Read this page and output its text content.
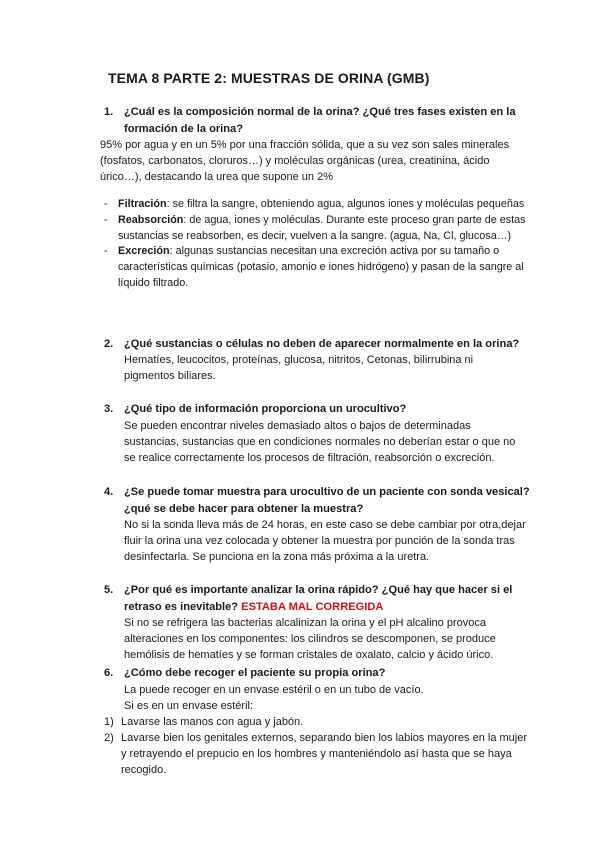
TEMA 8 PARTE 2: MUESTRAS DE ORINA (GMB)
1. ¿Cuál es la composición normal de la orina? ¿Qué tres fases existen en la formación de la orina?
95% por agua y en un 5% por una fracción sólida, que a su vez son sales minerales (fosfatos, carbonatos, cloruros…) y moléculas orgánicas (urea, creatinina, ácido úrico…), destacando la urea que supone un 2%
- Filtración: se filtra la sangre, obteniendo agua, algunos iones y moléculas pequeñas
- Reabsorción: de agua, iones y moléculas. Durante este proceso gran parte de estas sustancias se reabsorben, es decir, vuelven a la sangre. (agua, Na, Cl, glucosa…)
- Excreción: algunas sustancias necesitan una excreción activa por su tamaño o características químicas (potasio, amonio e iones hidrógeno) y pasan de la sangre al líquido filtrado.
2. ¿Qué sustancias o células no deben de aparecer normalmente en la orina?
Hematíes, leucocitos, proteínas, glucosa, nitritos, Cetonas, bilirrubina ni pigmentos biliares.
3. ¿Qué tipo de información proporciona un urocultivo?
Se pueden encontrar niveles demasiado altos o bajos de determinadas sustancias, sustancias que en condiciones normales no deberían estar o que no se realice correctamente los procesos de filtración, reabsorción o excreción.
4. ¿Se puede tomar muestra para urocultivo de un paciente con sonda vesical? ¿qué se debe hacer para obtener la muestra?
No si la sonda lleva más de 24 horas, en este caso se debe cambiar por otra,dejar fluir la orina una vez colocada y obtener la muestra por punción de la sonda tras desinfectarla. Se punciona en la zona más próxima a la uretra.
5. ¿Por qué es importante analizar la orina rápido? ¿Qué hay que hacer si el retraso es inevitable? ESTABA MAL CORREGIDA
Si no se refrigera las bacterias alcalinizan la orina y el pH alcalino provoca alteraciones en los componentes: los cilindros se descomponen, se produce hemólisis de hematíes y se forman cristales de oxalato, calcio y ácido úrico.
6. ¿Cómo debe recoger el paciente su propia orina?
La puede recoger en un envase estéril o en un tubo de vacío.
Si es en un envase estéril:
1) Lavarse las manos con agua y jabón.
2) Lavarse bien los genitales externos, separando bien los labios mayores en la mujer y retrayendo el prepucio en los hombres y manteniéndolo así hasta que se haya recogido.
